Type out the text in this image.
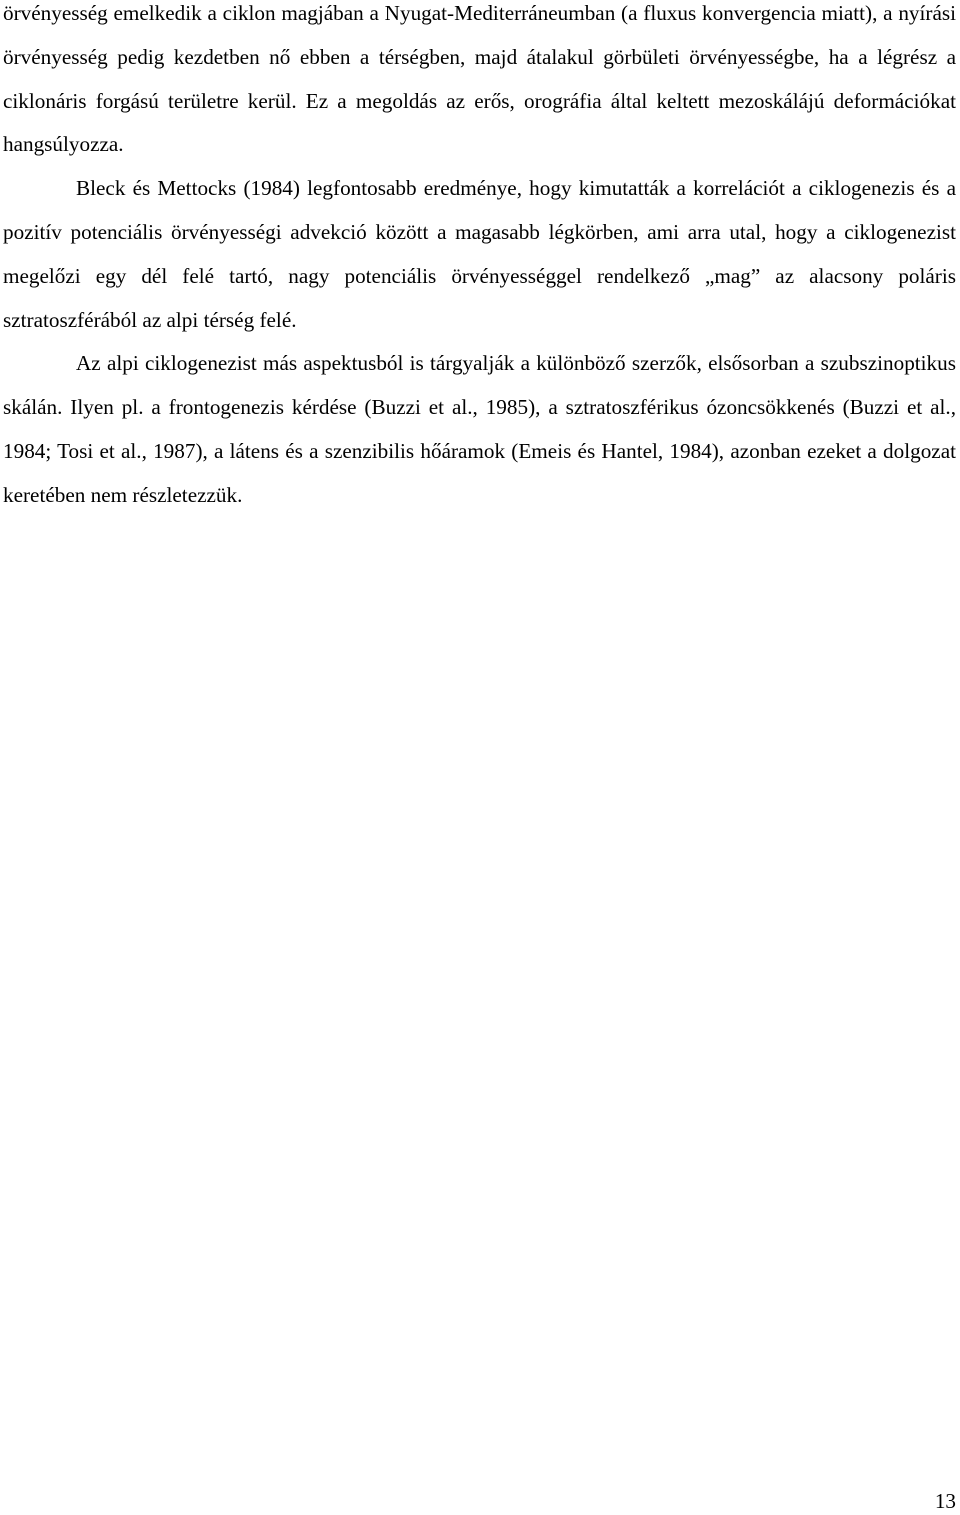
örvényesség emelkedik a ciklon magjában a Nyugat-Mediterráneumban (a fluxus konvergencia miatt), a nyírási örvényesség pedig kezdetben nő ebben a térségben, majd átalakul görbületi örvényességbe, ha a légrész a ciklonáris forgású területre kerül. Ez a megoldás az erős, orográfia által keltett mezoskálájú deformációkat hangsúlyozza.

Bleck és Mettocks (1984) legfontosabb eredménye, hogy kimutatták a korrelációt a ciklogenezis és a pozitív potenciális örvényességi advekció között a magasabb légkörben, ami arra utal, hogy a ciklogenezist megelőzi egy dél felé tartó, nagy potenciális örvényességgel rendelkező „mag” az alacsony poláris sztratoszférából az alpi térség felé.

Az alpi ciklogenezist más aspektusból is tárgyalják a különböző szerzők, elsősorban a szubszinoptikus skálán. Ilyen pl. a frontogenezis kérdése (Buzzi et al., 1985), a sztratoszférikus ózoncsökkenés (Buzzi et al., 1984; Tosi et al., 1987), a látens és a szenzibilis hőáramok (Emeis és Hantel, 1984), azonban ezeket a dolgozat keretében nem részletezzük.

13
